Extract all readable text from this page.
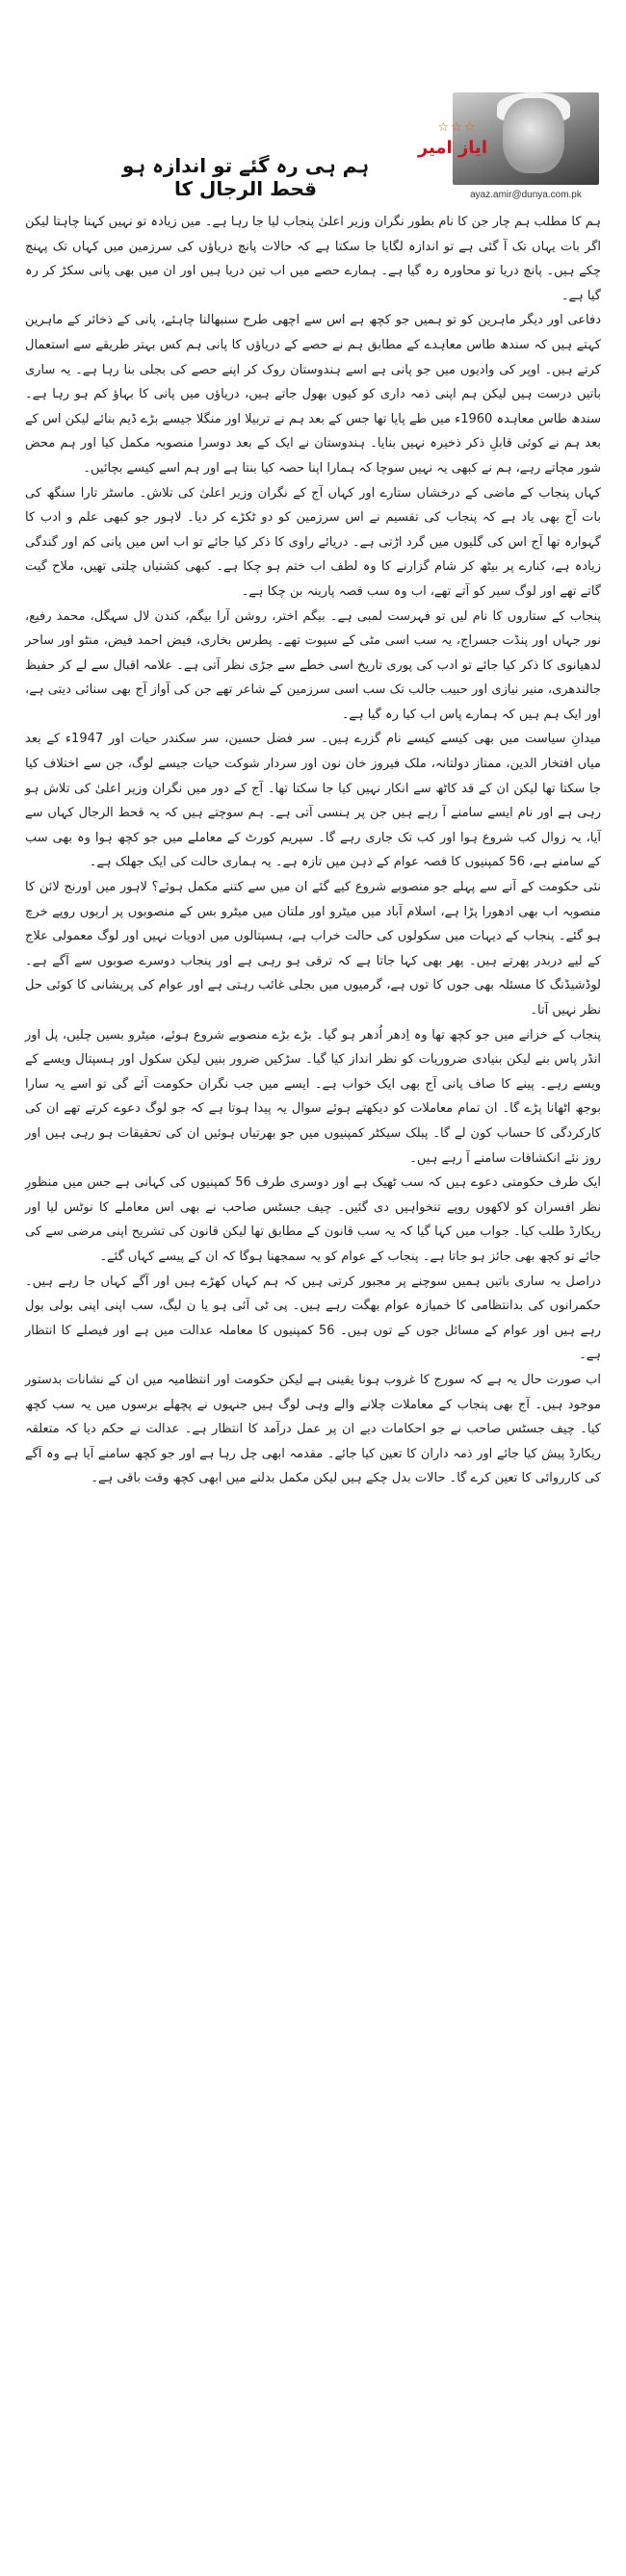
☆☆☆
ایاز امیر
ہم ہی رہ گئے تو اندازہ ہو قحط الرجال کا	ayaz.amir@dunya.com.pk

ہم کا مطلب ہم چار جن کا نام بطور نگران وزیر اعلیٰ پنجاب لیا جا رہا ہے۔ میں زیادہ تو نہیں کہنا چاہتا لیکن اگر بات یہاں تک آ گئی ہے تو اندازہ لگایا جا سکتا ہے کہ حالات پانچ دریاؤں کی سرزمین میں کہاں تک پہنچ چکے ہیں۔ پانچ دریا تو محاورہ رہ گیا ہے۔ ہمارے حصے میں اب تین دریا ہیں اور ان میں بھی پانی سکڑ کر رہ گیا ہے۔

دفاعی اور دیگر ماہرین کو تو ہمیں جو کچھ ہے اس سے اچھی طرح سنبھالنا چاہئے، پانی کے ذخائر کے ماہرین کہتے ہیں کہ سندھ طاس معاہدے کے مطابق ہم نے حصے کے دریاؤں کا پانی ہم کس بہتر طریقے سے استعمال کرتے ہیں۔ اوپر کی وادیوں میں جو پانی ہے اسے ہندوستان روک کر اپنے حصے کی بجلی بنا رہا ہے۔ یہ ساری باتیں درست ہیں لیکن ہم اپنی ذمہ داری کو کیوں بھول جاتے ہیں، دریاؤں میں پانی کا بہاؤ کم ہو رہا ہے۔ سندھ طاس معاہدہ 1960ء میں طے پایا تھا جس کے بعد ہم نے تربیلا اور منگلا جیسے بڑے ڈیم بنائے لیکن اس کے بعد ہم نے کوئی قابلِ ذکر ذخیرہ نہیں بنایا۔ ہندوستان نے ایک کے بعد دوسرا منصوبہ مکمل کیا اور ہم محض شور مچاتے رہے، ہم نے کبھی یہ نہیں سوچا کہ ہمارا اپنا حصہ کیا بنتا ہے اور ہم اسے کیسے بچائیں۔

کہاں پنجاب کے ماضی کے درخشاں ستارے اور کہاں آج کے نگران وزیر اعلیٰ کی تلاش۔ ماسٹر تارا سنگھ کی بات آج بھی یاد ہے کہ پنجاب کی تقسیم نے اس سرزمین کو دو ٹکڑے کر دیا۔ لاہور جو کبھی علم و ادب کا گہوارہ تھا آج اس کی گلیوں میں گرد اڑتی ہے۔ دریائے راوی کا ذکر کیا جائے تو اب اس میں پانی کم اور گندگی زیادہ ہے، کنارے پر بیٹھ کر شام گزارنے کا وہ لطف اب ختم ہو چکا ہے۔ کبھی کشتیاں چلتی تھیں، ملاح گیت گاتے تھے اور لوگ سیر کو آتے تھے، اب وہ سب قصہ پارینہ بن چکا ہے۔

پنجاب کے ستاروں کا نام لیں تو فہرست لمبی ہے۔ بیگم اختر، روشن آرا بیگم، کندن لال سہگل، محمد رفیع، نور جہاں اور پنڈت جسراج، یہ سب اسی مٹی کے سپوت تھے۔ پطرس بخاری، فیض احمد فیض، منٹو اور ساحر لدھیانوی کا ذکر کیا جائے تو ادب کی پوری تاریخ اسی خطے سے جڑی نظر آتی ہے۔ علامہ اقبال سے لے کر حفیظ جالندھری، منیر نیازی اور حبیب جالب تک سب اسی سرزمین کے شاعر تھے جن کی آواز آج بھی سنائی دیتی ہے، اور ایک ہم ہیں کہ ہمارے پاس اب کیا رہ گیا ہے۔

میدانِ سیاست میں بھی کیسے کیسے نام گزرے ہیں۔ سر فضل حسین، سر سکندر حیات اور 1947ء کے بعد میاں افتخار الدین، ممتاز دولتانہ، ملک فیروز خان نون اور سردار شوکت حیات جیسے لوگ، جن سے اختلاف کیا جا سکتا تھا لیکن ان کے قد کاٹھ سے انکار نہیں کیا جا سکتا تھا۔ آج کے دور میں نگران وزیر اعلیٰ کی تلاش ہو رہی ہے اور نام ایسے سامنے آ رہے ہیں جن پر ہنسی آتی ہے۔ ہم سوچتے ہیں کہ یہ قحط الرجال کہاں سے آیا، یہ زوال کب شروع ہوا اور کب تک جاری رہے گا۔ سپریم کورٹ کے معاملے میں جو کچھ ہوا وہ بھی سب کے سامنے ہے، 56 کمپنیوں کا قصہ عوام کے ذہن میں تازہ ہے۔ یہ ہماری حالت کی ایک جھلک ہے۔

نئی حکومت کے آنے سے پہلے جو منصوبے شروع کیے گئے ان میں سے کتنے مکمل ہوئے؟ لاہور میں اورنج لائن کا منصوبہ اب بھی ادھورا پڑا ہے، اسلام آباد میں میٹرو اور ملتان میں میٹرو بس کے منصوبوں پر اربوں روپے خرچ ہو گئے۔ پنجاب کے دیہات میں سکولوں کی حالت خراب ہے، ہسپتالوں میں ادویات نہیں اور لوگ معمولی علاج کے لیے دربدر پھرتے ہیں۔ پھر بھی کہا جاتا ہے کہ ترقی ہو رہی ہے اور پنجاب دوسرے صوبوں سے آگے ہے۔ لوڈشیڈنگ کا مسئلہ بھی جوں کا توں ہے، گرمیوں میں بجلی غائب رہتی ہے اور عوام کی پریشانی کا کوئی حل نظر نہیں آتا۔

پنجاب کے خزانے میں جو کچھ تھا وہ اِدھر اُدھر ہو گیا۔ بڑے بڑے منصوبے شروع ہوئے، میٹرو بسیں چلیں، پل اور انڈر پاس بنے لیکن بنیادی ضروریات کو نظر انداز کیا گیا۔ سڑکیں ضرور بنیں لیکن سکول اور ہسپتال ویسے کے ویسے رہے۔ پینے کا صاف پانی آج بھی ایک خواب ہے۔ ایسے میں جب نگران حکومت آئے گی تو اسے یہ سارا بوجھ اٹھانا پڑے گا۔ ان تمام معاملات کو دیکھتے ہوئے سوال یہ پیدا ہوتا ہے کہ جو لوگ دعوے کرتے تھے ان کی کارکردگی کا حساب کون لے گا۔ پبلک سیکٹر کمپنیوں میں جو بھرتیاں ہوئیں ان کی تحقیقات ہو رہی ہیں اور روز نئے انکشافات سامنے آ رہے ہیں۔

ایک طرف حکومتی دعوے ہیں کہ سب ٹھیک ہے اور دوسری طرف 56 کمپنیوں کی کہانی ہے جس میں منظورِ نظر افسران کو لاکھوں روپے تنخواہیں دی گئیں۔ چیف جسٹس صاحب نے بھی اس معاملے کا نوٹس لیا اور ریکارڈ طلب کیا۔ جواب میں کہا گیا کہ یہ سب قانون کے مطابق تھا لیکن قانون کی تشریح اپنی مرضی سے کی جائے تو کچھ بھی جائز ہو جاتا ہے۔ پنجاب کے عوام کو یہ سمجھنا ہوگا کہ ان کے پیسے کہاں گئے۔

دراصل یہ ساری باتیں ہمیں سوچنے پر مجبور کرتی ہیں کہ ہم کہاں کھڑے ہیں اور آگے کہاں جا رہے ہیں۔ حکمرانوں کی بدانتظامی کا خمیازہ عوام بھگت رہے ہیں۔ پی ٹی آئی ہو یا ن لیگ، سب اپنی اپنی بولی بول رہے ہیں اور عوام کے مسائل جوں کے توں ہیں۔ 56 کمپنیوں کا معاملہ عدالت میں ہے اور فیصلے کا انتظار ہے۔

اب صورت حال یہ ہے کہ سورج کا غروب ہونا یقینی ہے لیکن حکومت اور انتظامیہ میں ان کے نشانات بدستور موجود ہیں۔ آج بھی پنجاب کے معاملات چلانے والے وہی لوگ ہیں جنہوں نے پچھلے برسوں میں یہ سب کچھ کیا۔ چیف جسٹس صاحب نے جو احکامات دیے ان پر عمل درآمد کا انتظار ہے۔ عدالت نے حکم دیا کہ متعلقہ ریکارڈ پیش کیا جائے اور ذمہ داران کا تعین کیا جائے۔ مقدمہ ابھی چل رہا ہے اور جو کچھ سامنے آیا ہے وہ آگے کی کارروائی کا تعین کرے گا۔ حالات بدل چکے ہیں لیکن مکمل بدلنے میں ابھی کچھ وقت باقی ہے۔
